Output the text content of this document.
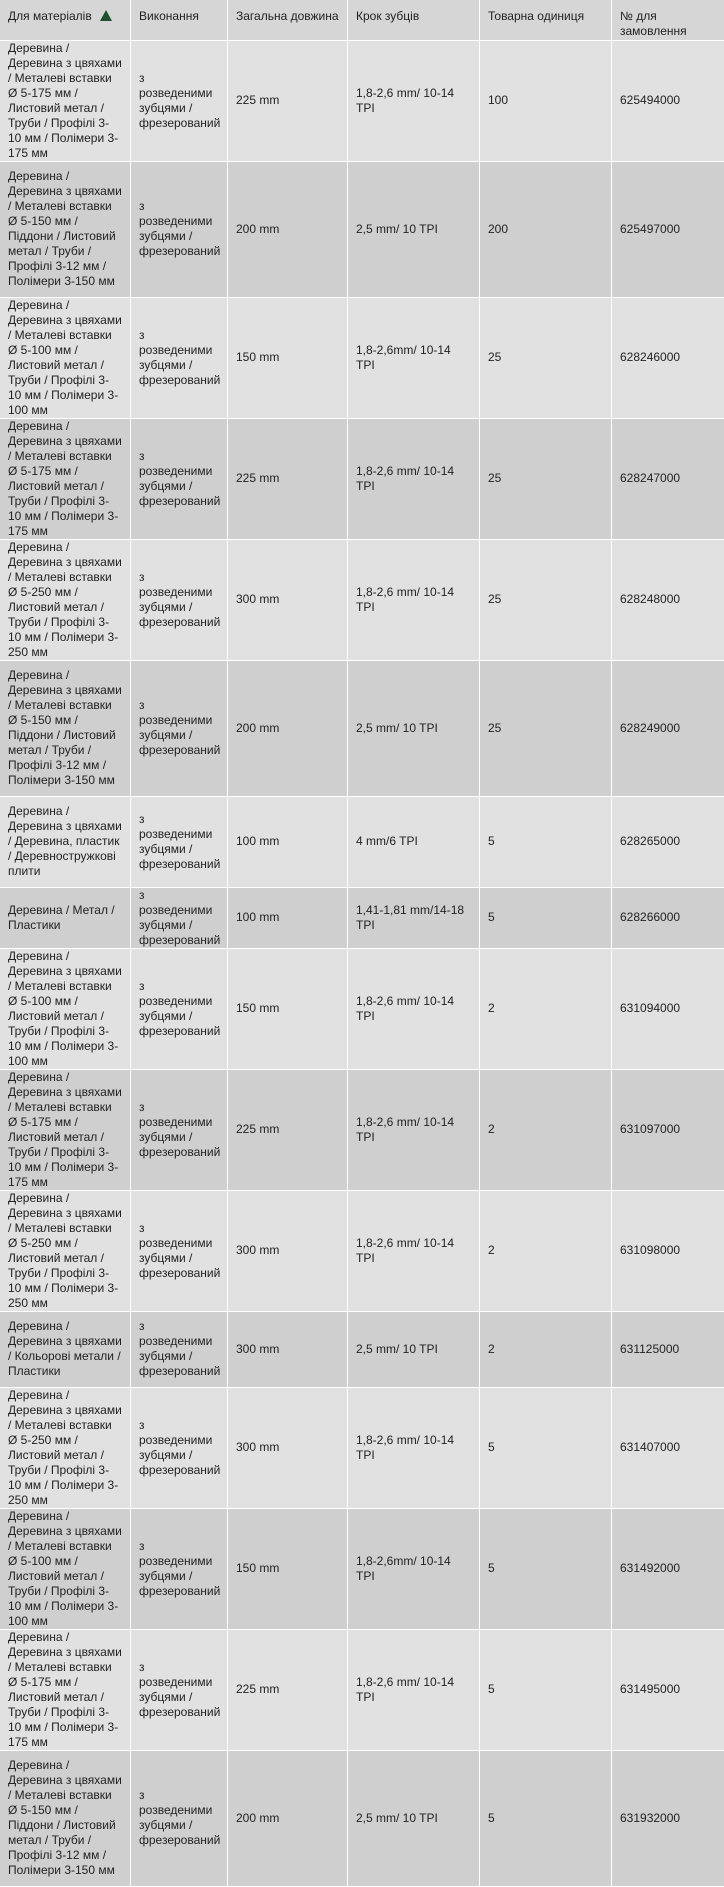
Для матеріалів	Виконання	Загальна довжина	Крок зубців	Товарна одиниця	№ для замовлення
Деревина / Деревина з цвяхами / Металеві вставки Ø 5-175 мм / Листовий метал / Труби / Профілі 3-10 мм / Полімери 3-175 мм	з розведеними зубцями / фрезерований	225 mm	1,8-2,6 mm/ 10-14 TPI	100	625494000
Деревина / Деревина з цвяхами / Металеві вставки Ø 5-150 мм / Піддони / Листовий метал / Труби / Профілі 3-12 мм / Полімери 3-150 мм	з розведеними зубцями / фрезерований	200 mm	2,5 mm/ 10 TPI	200	625497000
Деревина / Деревина з цвяхами / Металеві вставки Ø 5-100 мм / Листовий метал / Труби / Профілі 3-10 мм / Полімери 3-100 мм	з розведеними зубцями / фрезерований	150 mm	1,8-2,6mm/ 10-14 TPI	25	628246000
Деревина / Деревина з цвяхами / Металеві вставки Ø 5-175 мм / Листовий метал / Труби / Профілі 3-10 мм / Полімери 3-175 мм	з розведеними зубцями / фрезерований	225 mm	1,8-2,6 mm/ 10-14 TPI	25	628247000
Деревина / Деревина з цвяхами / Металеві вставки Ø 5-250 мм / Листовий метал / Труби / Профілі 3-10 мм / Полімери 3-250 мм	з розведеними зубцями / фрезерований	300 mm	1,8-2,6 mm/ 10-14 TPI	25	628248000
Деревина / Деревина з цвяхами / Металеві вставки Ø 5-150 мм / Піддони / Листовий метал / Труби / Профілі 3-12 мм / Полімери 3-150 мм	з розведеними зубцями / фрезерований	200 mm	2,5 mm/ 10 TPI	25	628249000
Деревина / Деревина з цвяхами / Деревина, пластик / Деревностружкові плити	з розведеними зубцями / фрезерований	100 mm	4 mm/6 TPI	5	628265000
Деревина / Метал / Пластики	з розведеними зубцями / фрезерований	100 mm	1,41-1,81 mm/14-18 TPI	5	628266000
Деревина / Деревина з цвяхами / Металеві вставки Ø 5-100 мм / Листовий метал / Труби / Профілі 3-10 мм / Полімери 3-100 мм	з розведеними зубцями / фрезерований	150 mm	1,8-2,6 mm/ 10-14 TPI	2	631094000
Деревина / Деревина з цвяхами / Металеві вставки Ø 5-175 мм / Листовий метал / Труби / Профілі 3-10 мм / Полімери 3-175 мм	з розведеними зубцями / фрезерований	225 mm	1,8-2,6 mm/ 10-14 TPI	2	631097000
Деревина / Деревина з цвяхами / Металеві вставки Ø 5-250 мм / Листовий метал / Труби / Профілі 3-10 мм / Полімери 3-250 мм	з розведеними зубцями / фрезерований	300 mm	1,8-2,6 mm/ 10-14 TPI	2	631098000
Деревина / Деревина з цвяхами / Кольорові метали / Пластики	з розведеними зубцями / фрезерований	300 mm	2,5 mm/ 10 TPI	2	631125000
Деревина / Деревина з цвяхами / Металеві вставки Ø 5-250 мм / Листовий метал / Труби / Профілі 3-10 мм / Полімери 3-250 мм	з розведеними зубцями / фрезерований	300 mm	1,8-2,6 mm/ 10-14 TPI	5	631407000
Деревина / Деревина з цвяхами / Металеві вставки Ø 5-100 мм / Листовий метал / Труби / Профілі 3-10 мм / Полімери 3-100 мм	з розведеними зубцями / фрезерований	150 mm	1,8-2,6mm/ 10-14 TPI	5	631492000
Деревина / Деревина з цвяхами / Металеві вставки Ø 5-175 мм / Листовий метал / Труби / Профілі 3-10 мм / Полімери 3-175 мм	з розведеними зубцями / фрезерований	225 mm	1,8-2,6 mm/ 10-14 TPI	5	631495000
Деревина / Деревина з цвяхами / Металеві вставки Ø 5-150 мм / Піддони / Листовий метал / Труби / Профілі 3-12 мм / Полімери 3-150 мм	з розведеними зубцями / фрезерований	200 mm	2,5 mm/ 10 TPI	5	631932000
